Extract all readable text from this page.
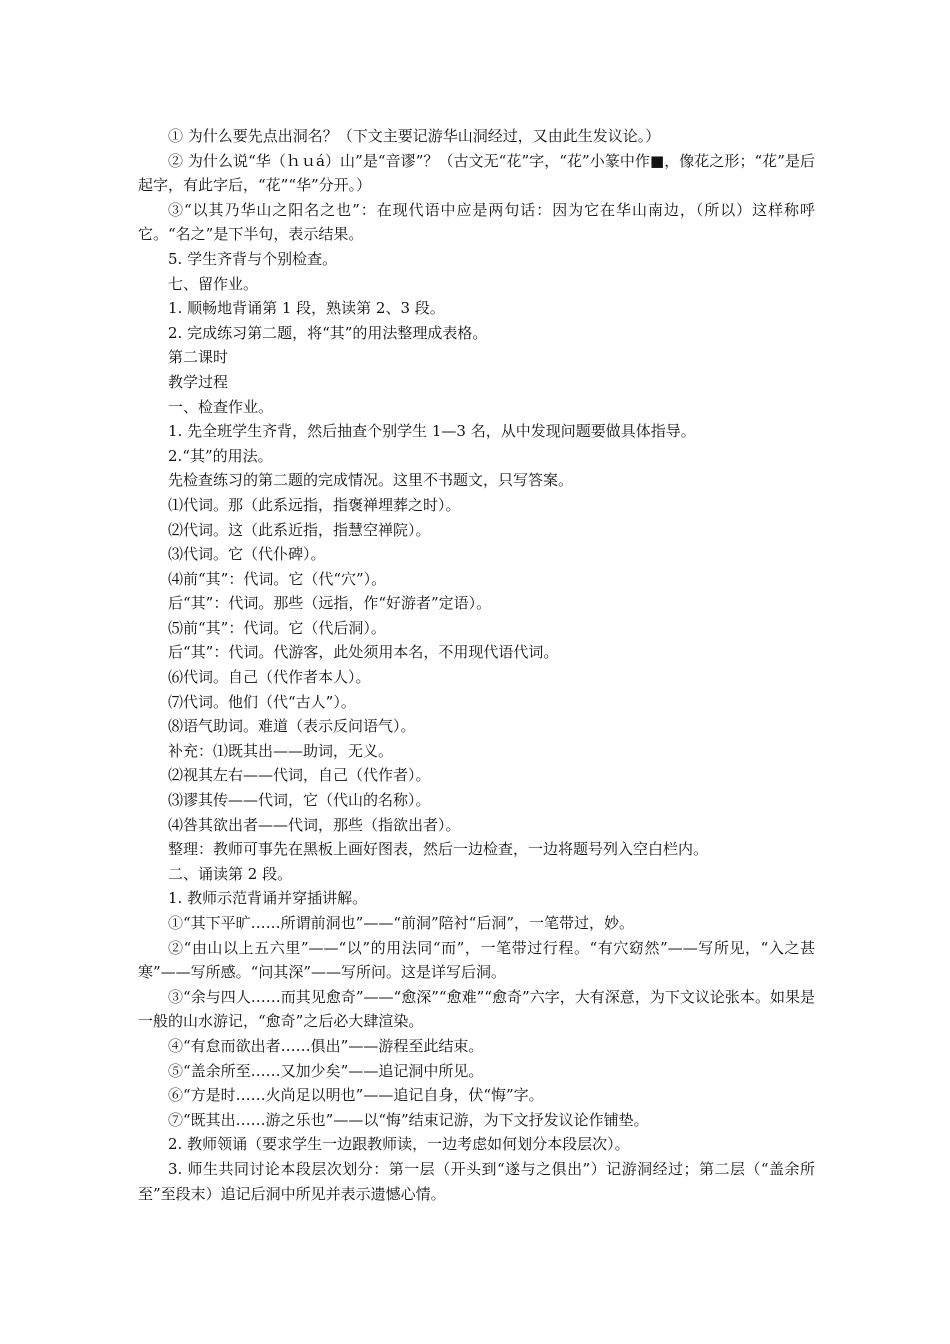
① 为什么要先点出洞名？（下文主要记游华山洞经过，又由此生发议论。）

② 为什么说“华（ｈｕá）山”是“音谬”？（古文无“花”字，“花”小篆中作■，像花之形；“花”是后起字，有此字后，“花”“华”分开。）

③“以其乃华山之阳名之也”：在现代语中应是两句话：因为它在华山南边，（所以）这样称呼它。“名之”是下半句，表示结果。

5. 学生齐背与个别检查。

七、留作业。

1. 顺畅地背诵第 1 段，熟读第 2、3 段。

2. 完成练习第二题，将“其”的用法整理成表格。

第二课时

教学过程

一、检查作业。

1. 先全班学生齐背，然后抽查个别学生 1—3 名，从中发现问题要做具体指导。

2.“其”的用法。

先检查练习的第二题的完成情况。这里不书题文，只写答案。

⑴代词。那（此系远指，指褒禅埋葬之时）。

⑵代词。这（此系近指，指慧空禅院）。

⑶代词。它（代仆碑）。

⑷前“其”：代词。它（代“穴”）。

后“其”：代词。那些（远指，作“好游者”定语）。

⑸前“其”：代词。它（代后洞）。

后“其”：代词。代游客，此处须用本名，不用现代语代词。

⑹代词。自己（代作者本人）。

⑺代词。他们（代“古人”）。

⑻语气助词。难道（表示反问语气）。

补充：⑴既其出——助词，无义。

⑵视其左右——代词，自己（代作者）。

⑶谬其传——代词，它（代山的名称）。

⑷咎其欲出者——代词，那些（指欲出者）。

整理：教师可事先在黑板上画好图表，然后一边检查，一边将题号列入空白栏内。

二、诵读第 2 段。

1. 教师示范背诵并穿插讲解。

①“其下平旷……所谓前洞也”——“前洞”陪衬“后洞”，一笔带过，妙。

②“由山以上五六里”——“以”的用法同“而”，一笔带过行程。“有穴窈然”——写所见，“入之甚寒”——写所感。“问其深”——写所问。这是详写后洞。

③“余与四人……而其见愈奇”——“愈深”“愈难”“愈奇”六字，大有深意，为下文议论张本。如果是一般的山水游记，“愈奇”之后必大肆渲染。

④“有怠而欲出者……俱出”——游程至此结束。

⑤“盖余所至……又加少矣”——追记洞中所见。

⑥“方是时……火尚足以明也”——追记自身，伏“悔”字。

⑦“既其出……游之乐也”——以“悔”结束记游，为下文抒发议论作铺垫。

2. 教师领诵（要求学生一边跟教师读，一边考虑如何划分本段层次）。

3. 师生共同讨论本段层次划分：第一层（开头到“遂与之俱出”）记游洞经过；第二层（“盖余所至”至段末）追记后洞中所见并表示遗憾心情。
